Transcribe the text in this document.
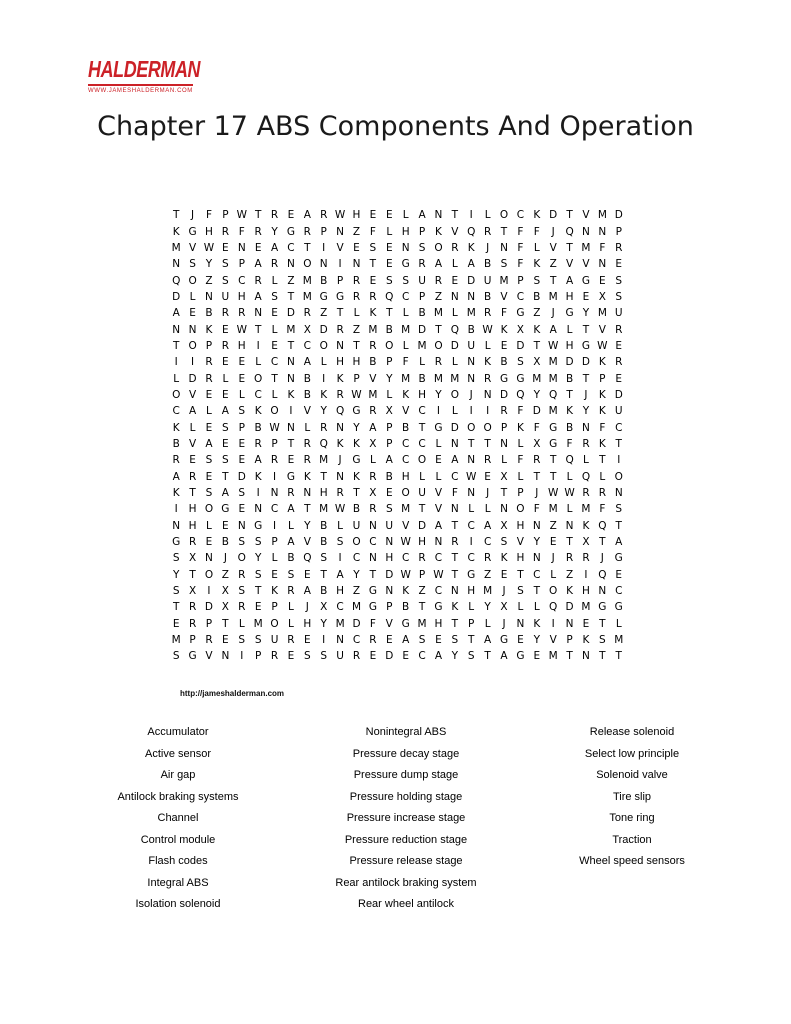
HALDERMAN
WWW.JAMESHALDERMAN.COM
Chapter 17 ABS Components And Operation
T	J	F P W T R E A R W H E E L A N T	I	L O C K D T V M D
K G H R F R Y G R P N Z F L H P K V Q R T F F	J	Q N N P
M V W E N E A C T	I	V E S E N S O R K	J	N F L V T M F R
N S Y S P A R N O N	I	N T E G R A L A B S F K Z V V N E
Q O Z S C R L Z M B P R E S S U R E D U M P S T A G E S
D L N U H A S T M G G R R Q C P Z N N B V C B M H E X S
A E B R R N E D R Z T L K T L B M L M R F G Z	J	G Y M U
N N K E W T L M X D R Z M B M D T Q B W K X K A L T V R
T O P R H	I	E T C O N T R O L M O D U L E D T W H G W E
I	I	R E E L C N A L H H B P F L R L N K B S X M D D K R
L D R L E O T N B	I	K P V Y M B M M N R G G M M B T P E
O V E E L C L K B K R W M L K H Y O	J	N D Q Y Q T	J	K D
C A L A S K O	I	V Y Q G R X V C	I	L	I	I	R F D M K Y K U
K L E S P B W N L R N Y A P B T G D O O P K F G B N F C
B V A E E R P T R Q K K X P C C L N T T N L X G F R K T
R E S S E A R E R M J	G L A C O E A N R L F R T Q L T	I
A R E T D K	I	G K T N K R B H L	L C W E X L T T L Q L O
K T S A S	I	N R N H R T X E O U V F N	J	T P	J W W R R N
I	H O G E N C A T M W B R S M T V N L	L N O F M L M F S
N H L E N G	I	L Y B L U N U V D A T C A X H N Z N K Q T
G R E B S S P A V B S O C N W H N R	I	C S V Y E T X T A
S X N	J	O Y L B Q S	I	C N H C R C T C R K H N	J	R R	J	G
Y T O Z R S E S E T A Y T D W P W T G Z E T C L Z	I	Q E
S X	I	X S T K R A B H Z G N K Z C N H M J	S T O K H N C
T R D X R E P L	J	X C M G P B T G K L Y X L	L Q D M G G
E R P T L M O L H Y M D F V G M H T P L	J	N K	I	N E T L
M P R E S S U R E	I	N C R E A S E S T A G E Y V P K S M
S G V N	I	P R E S S U R E D E C A Y S T A G E M T N T T
http://jameshalderman.com
Accumulator
Active sensor
Air gap
Antilock braking systems
Channel
Control module
Flash codes
Integral ABS
Isolation solenoid
Nonintegral ABS
Pressure decay stage
Pressure dump stage
Pressure holding stage
Pressure increase stage
Pressure reduction stage
Pressure release stage
Rear antilock braking system
Rear wheel antilock
Release solenoid
Select low principle
Solenoid valve
Tire slip
Tone ring
Traction
Wheel speed sensors
